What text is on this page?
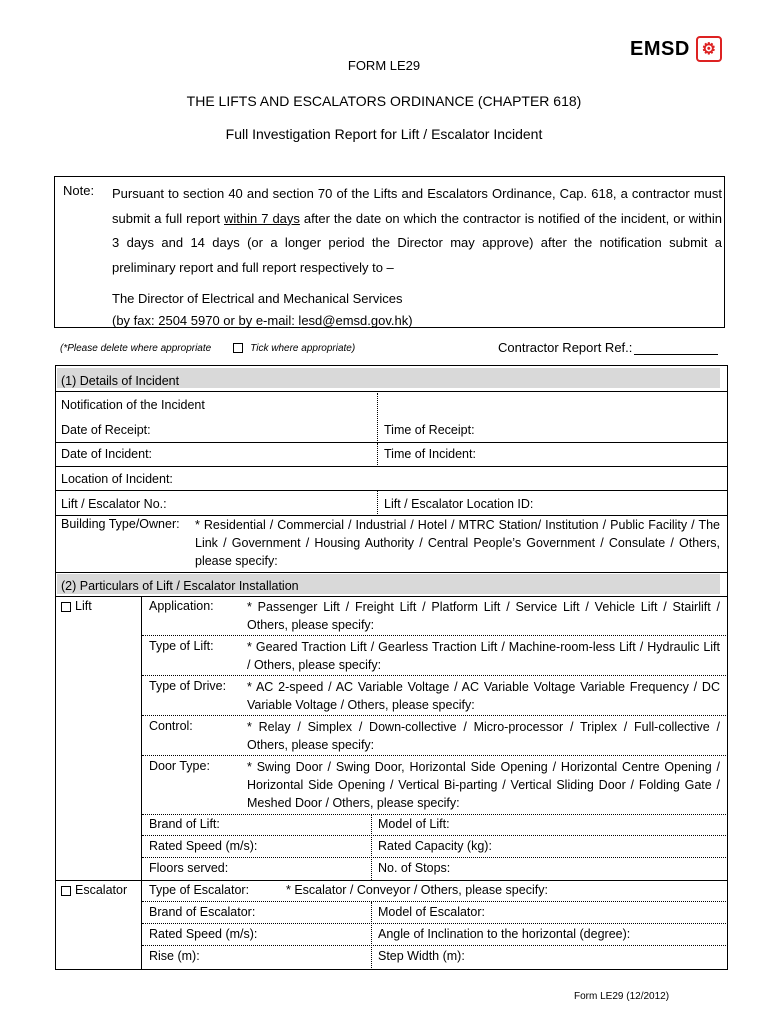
FORM LE29
THE LIFTS AND ESCALATORS ORDINANCE (CHAPTER 618)
Full Investigation Report for Lift / Escalator Incident
EMSD ⚙
Note: Pursuant to section 40 and section 70 of the Lifts and Escalators Ordinance, Cap. 618, a contractor must submit a full report within 7 days after the date on which the contractor is notified of the incident, or within 3 days and 14 days (or a longer period the Director may approve) after the notification submit a preliminary report and full report respectively to –
The Director of Electrical and Mechanical Services
(by fax: 2504 5970 or by e-mail: lesd@emsd.gov.hk)
(*Please delete where appropriate	Tick where appropriate)	Contractor Report Ref.:
(1) Details of Incident
Notification of the Incident
Date of Receipt:	Time of Receipt:
Date of Incident:	Time of Incident:
Location of Incident:
Lift / Escalator No.:	Lift / Escalator Location ID:
Building Type/Owner: * Residential / Commercial / Industrial / Hotel / MTRC Station/ Institution / Public Facility / The Link / Government / Housing Authority / Central People’s Government / Consulate / Others, please specify:
(2) Particulars of Lift / Escalator Installation
Lift	Application:	* Passenger Lift / Freight Lift / Platform Lift / Service Lift / Vehicle Lift / Stairlift / Others, please specify:
Type of Lift:	* Geared Traction Lift / Gearless Traction Lift / Machine-room-less Lift / Hydraulic Lift / Others, please specify:
Type of Drive: * AC 2-speed / AC Variable Voltage / AC Variable Voltage Variable Frequency / DC Variable Voltage / Others, please specify:
Control:	* Relay / Simplex / Down-collective / Micro-processor / Triplex / Full-collective / Others, please specify:
Door Type:	* Swing Door / Swing Door, Horizontal Side Opening / Horizontal Centre Opening / Horizontal Side Opening / Vertical Bi-parting / Vertical Sliding Door / Folding Gate / Meshed Door / Others, please specify:
Brand of Lift:	Model of Lift:
Rated Speed (m/s):	Rated Capacity (kg):
Floors served:	No. of Stops:
Escalator Type of Escalator:	* Escalator / Conveyor / Others, please specify:
Brand of Escalator:	Model of Escalator:
Rated Speed (m/s):	Angle of Inclination to the horizontal (degree):
Rise (m):	Step Width (m):
Form LE29 (12/2012)
